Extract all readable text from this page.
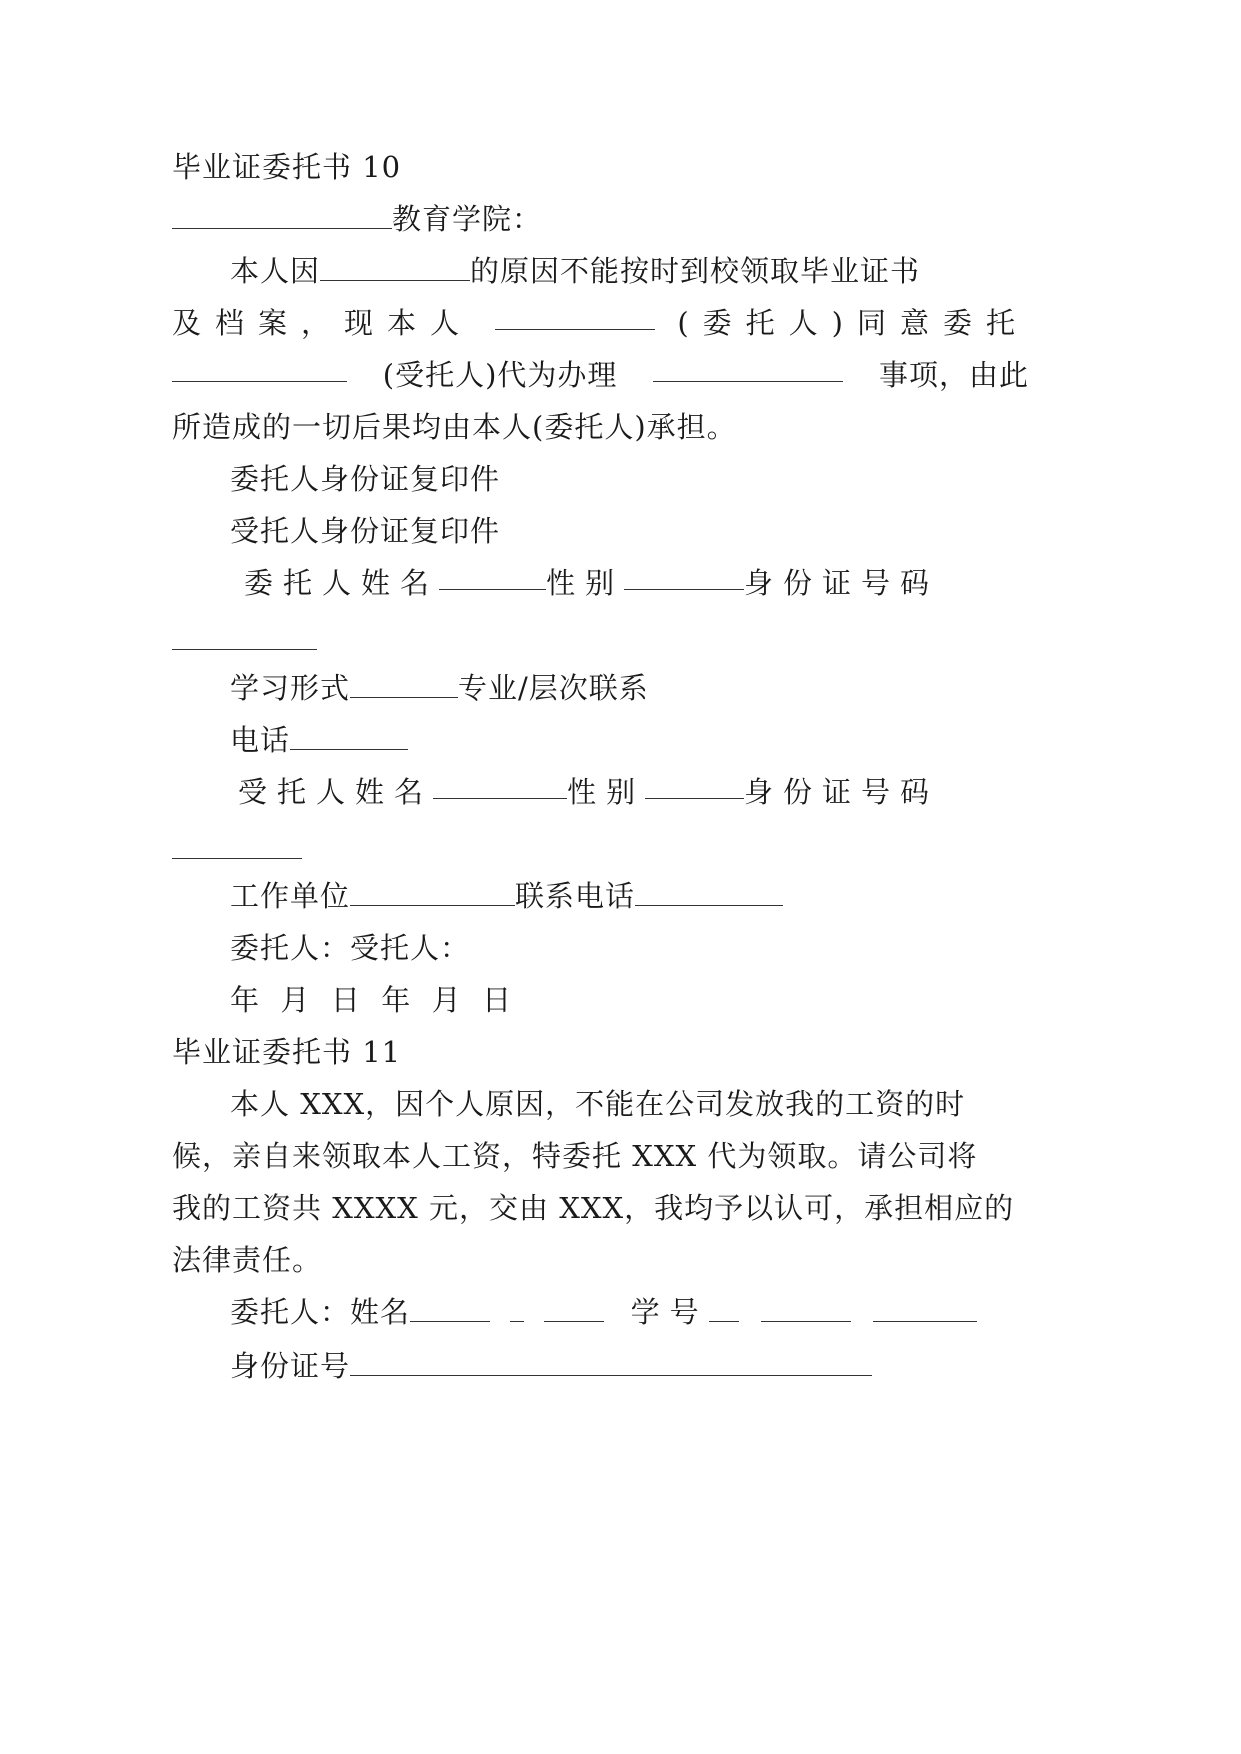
毕业证委托书 10
教育学院：
本人因	的原因不能按时到校领取毕业证书
及档案，现本人	(委托人)同意委托
(受托人)代为办理	事项，由此
所造成的一切后果均由本人(委托人)承担。
委托人身份证复印件
受托人身份证复印件
委托人姓名	性别	身份证号码
学习形式	专业/层次联系
电话
受托人姓名	性别	身份证号码
工作单位	联系电话
委托人：受托人：
年  月  日  年  月  日
毕业证委托书 11
本人 XXX，因个人原因，不能在公司发放我的工资的时
候，亲自来领取本人工资，特委托 XXX 代为领取。请公司将
我的工资共 XXXX 元，交由 XXX，我均予以认可，承担相应的
法律责任。
委托人：姓名	学号
身份证号
